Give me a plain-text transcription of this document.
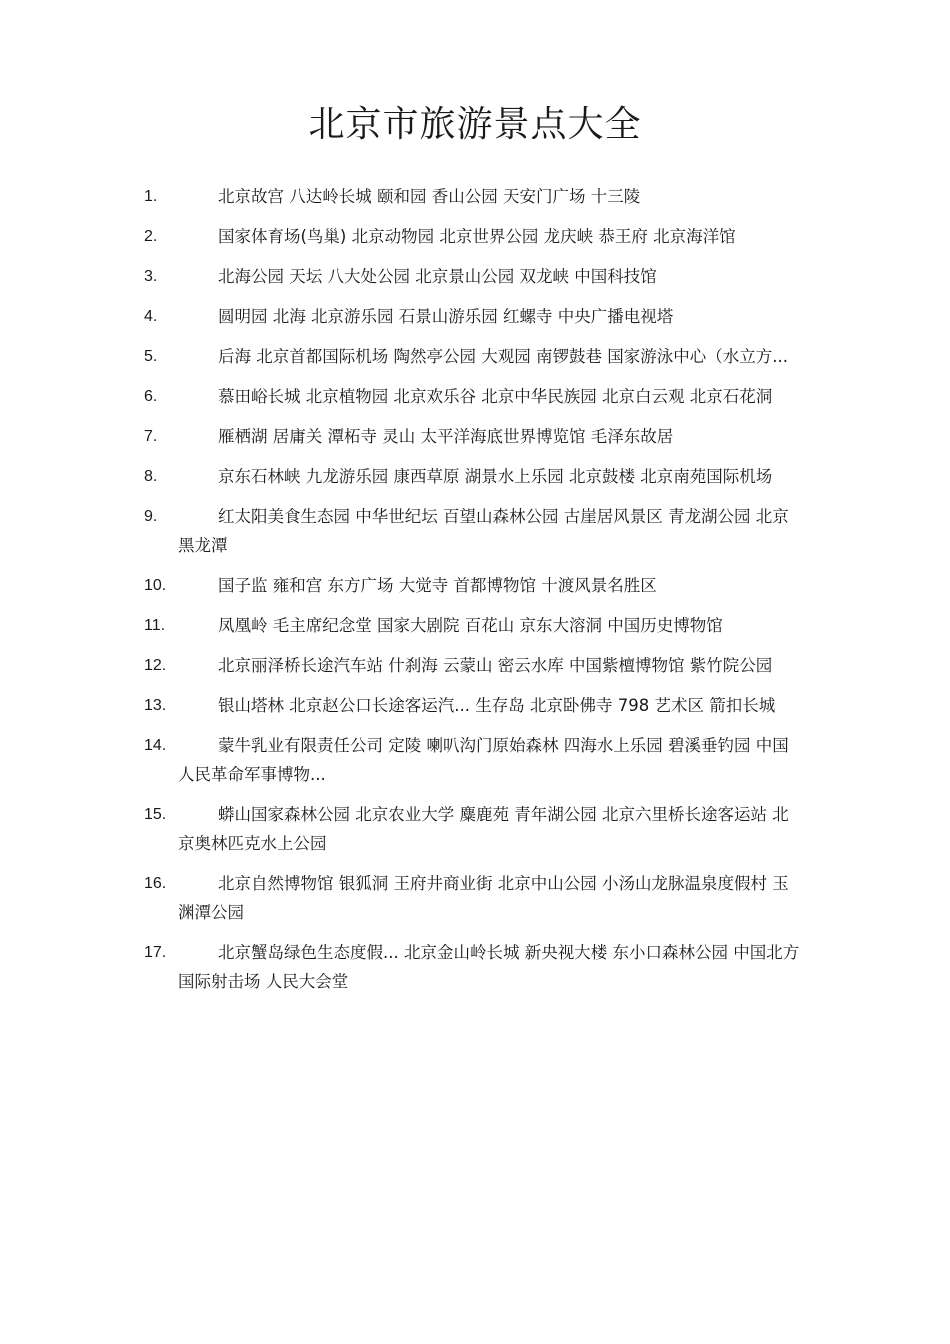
北京市旅游景点大全
1.	北京故宫 八达岭长城 颐和园 香山公园 天安门广场 十三陵
2.	国家体育场(鸟巢) 北京动物园 北京世界公园 龙庆峡 恭王府 北京海洋馆
3.	北海公园 天坛 八大处公园 北京景山公园 双龙峡 中国科技馆
4.	圆明园 北海 北京游乐园 石景山游乐园 红螺寺 中央广播电视塔
5.	后海 北京首都国际机场 陶然亭公园 大观园 南锣鼓巷 国家游泳中心（水立方...
6.	慕田峪长城 北京植物园 北京欢乐谷 北京中华民族园 北京白云观 北京石花洞
7.	雁栖湖 居庸关 潭柘寺 灵山 太平洋海底世界博览馆 毛泽东故居
8.	京东石林峡 九龙游乐园 康西草原 湖景水上乐园 北京鼓楼 北京南苑国际机场
9.	红太阳美食生态园 中华世纪坛 百望山森林公园 古崖居风景区 青龙湖公园 北京黑龙潭
10.	国子监 雍和宫 东方广场 大觉寺 首都博物馆 十渡风景名胜区
11.	凤凰岭 毛主席纪念堂 国家大剧院 百花山 京东大溶洞 中国历史博物馆
12.	北京丽泽桥长途汽车站 什刹海 云蒙山 密云水库 中国紫檀博物馆 紫竹院公园
13.	银山塔林 北京赵公口长途客运汽... 生存岛 北京卧佛寺 798 艺术区 箭扣长城
14.	蒙牛乳业有限责任公司 定陵 喇叭沟门原始森林 四海水上乐园 碧溪垂钓园 中国人民革命军事博物...
15.	蟒山国家森林公园 北京农业大学 麋鹿苑 青年湖公园 北京六里桥长途客运站 北京奥林匹克水上公园
16.	北京自然博物馆 银狐洞 王府井商业街 北京中山公园 小汤山龙脉温泉度假村 玉渊潭公园
17.	北京蟹岛绿色生态度假... 北京金山岭长城 新央视大楼 东小口森林公园 中国北方国际射击场 人民大会堂
